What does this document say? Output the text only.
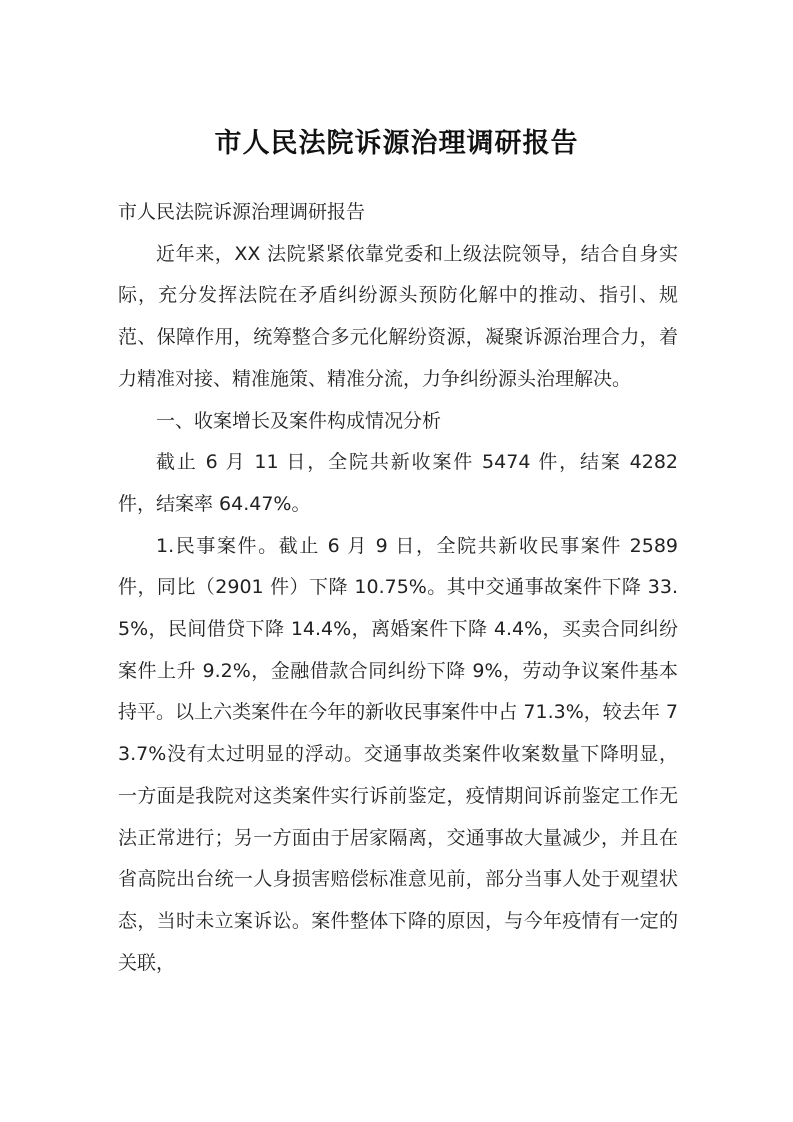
市人民法院诉源治理调研报告

市人民法院诉源治理调研报告

近年来，XX 法院紧紧依靠党委和上级法院领导，结合自身实际，充分发挥法院在矛盾纠纷源头预防化解中的推动、指引、规范、保障作用，统筹整合多元化解纷资源，凝聚诉源治理合力，着力精准对接、精准施策、精准分流，力争纠纷源头治理解决。

一、收案增长及案件构成情况分析

截止 6 月 11 日，全院共新收案件 5474 件，结案 4282 件，结案率 64.47%。

1.民事案件。截止 6 月 9 日，全院共新收民事案件 2589 件，同比（2901 件）下降 10.75%。其中交通事故案件下降 33.5%，民间借贷下降 14.4%，离婚案件下降 4.4%，买卖合同纠纷案件上升 9.2%，金融借款合同纠纷下降 9%，劳动争议案件基本持平。以上六类案件在今年的新收民事案件中占 71.3%，较去年 73.7%没有太过明显的浮动。交通事故类案件收案数量下降明显，一方面是我院对这类案件实行诉前鉴定，疫情期间诉前鉴定工作无法正常进行；另一方面由于居家隔离，交通事故大量减少，并且在省高院出台统一人身损害赔偿标准意见前，部分当事人处于观望状态，当时未立案诉讼。案件整体下降的原因，与今年疫情有一定的关联，
